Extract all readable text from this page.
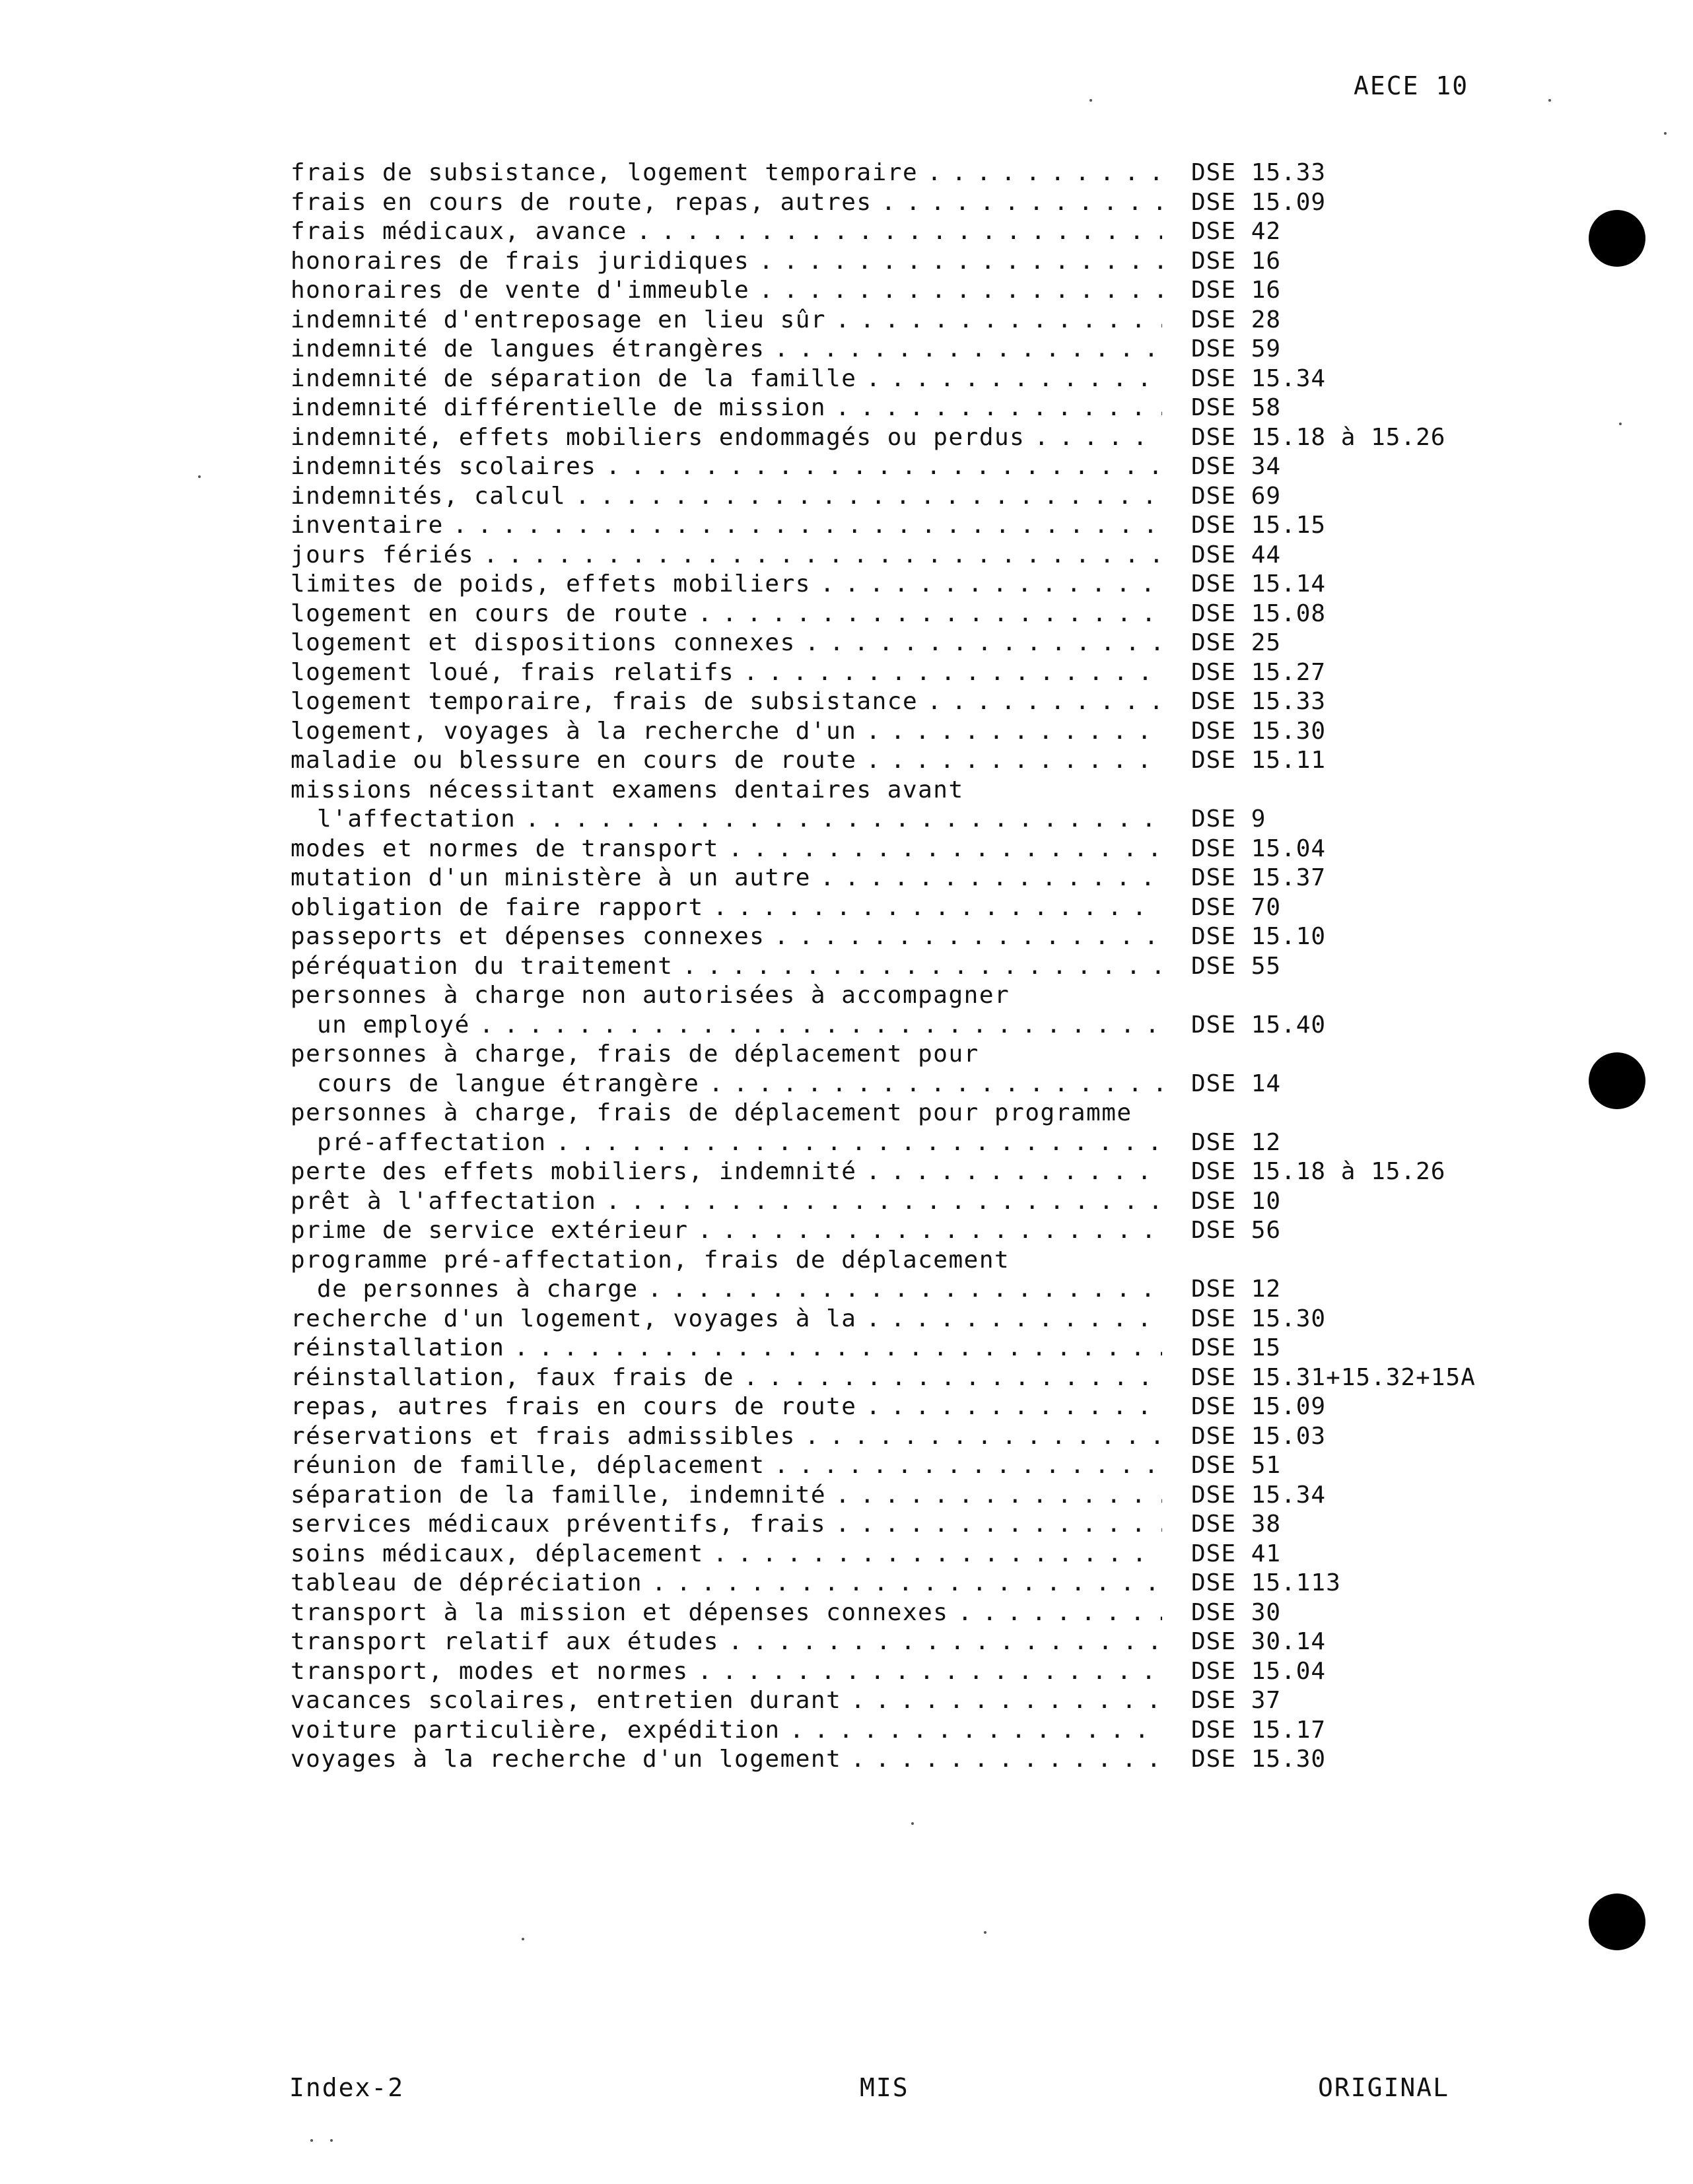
AECE 10
frais de subsistance, logement temporaire . . .	DSE 15.33
frais en cours de route, repas, autres . . .	DSE 15.09
frais médicaux, avance . . .	DSE 42
honoraires de frais juridiques . . .	DSE 16
honoraires de vente d'immeuble . . .	DSE 16
indemnité d'entreposage en lieu sûr . . .	DSE 28
indemnité de langues étrangères . . .	DSE 59
indemnité de séparation de la famille . . .	DSE 15.34
indemnité différentielle de mission . . .	DSE 58
indemnité, effets mobiliers endommagés ou perdus . . .	DSE 15.18 à 15.26
indemnités scolaires . . .	DSE 34
indemnités, calcul . . .	DSE 69
inventaire . . .	DSE 15.15
jours fériés . . .	DSE 44
limites de poids, effets mobiliers . . .	DSE 15.14
logement en cours de route . . .	DSE 15.08
logement et dispositions connexes . . .	DSE 25
logement loué, frais relatifs . . .	DSE 15.27
logement temporaire, frais de subsistance . . .	DSE 15.33
logement, voyages à la recherche d'un . . .	DSE 15.30
maladie ou blessure en cours de route . . .	DSE 15.11
missions nécessitant examens dentaires avant
l'affectation . . .	DSE 9
modes et normes de transport . . .	DSE 15.04
mutation d'un ministère à un autre . . .	DSE 15.37
obligation de faire rapport . . .	DSE 70
passeports et dépenses connexes . . .	DSE 15.10
péréquation du traitement . . .	DSE 55
personnes à charge non autorisées à accompagner
un employé . . .	DSE 15.40
personnes à charge, frais de déplacement pour
cours de langue étrangère . . .	DSE 14
personnes à charge, frais de déplacement pour programme
pré-affectation . . .	DSE 12
perte des effets mobiliers, indemnité . . .	DSE 15.18 à 15.26
prêt à l'affectation . . .	DSE 10
prime de service extérieur . . .	DSE 56
programme pré-affectation, frais de déplacement
de personnes à charge . . .	DSE 12
recherche d'un logement, voyages à la . . .	DSE 15.30
réinstallation . . .	DSE 15
réinstallation, faux frais de . . .	DSE 15.31+15.32+15A
repas, autres frais en cours de route . . .	DSE 15.09
réservations et frais admissibles . . .	DSE 15.03
réunion de famille, déplacement . . .	DSE 51
séparation de la famille, indemnité . . .	DSE 15.34
services médicaux préventifs, frais . . .	DSE 38
soins médicaux, déplacement . . .	DSE 41
tableau de dépréciation . . .	DSE 15.113
transport à la mission et dépenses connexes . . .	DSE 30
transport relatif aux études . . .	DSE 30.14
transport, modes et normes . . .	DSE 15.04
vacances scolaires, entretien durant . . .	DSE 37
voiture particulière, expédition . . .	DSE 15.17
voyages à la recherche d'un logement . . .	DSE 15.30
Index-2	MIS	ORIGINAL
